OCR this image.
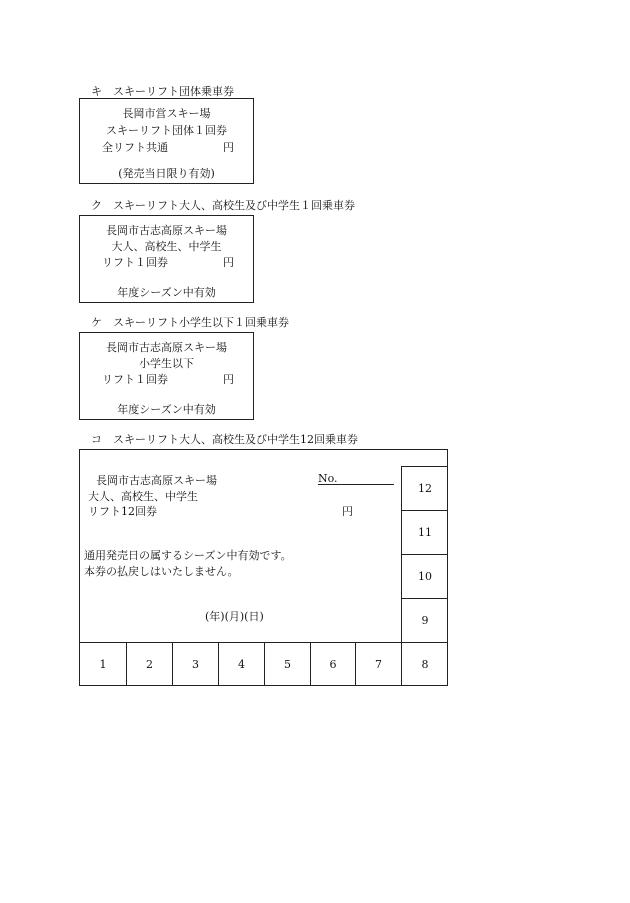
キ　スキーリフト団体乗車券
長岡市営スキー場
スキーリフト団体１回券
全リフト共通	円
(発売当日限り有効)
ク　スキーリフト大人、高校生及び中学生１回乗車券
長岡市古志高原スキー場
大人、高校生、中学生
リフト１回券	円
年度シーズン中有効
ケ　スキーリフト小学生以下１回乗車券
長岡市古志高原スキー場
小学生以下
リフト１回券	円
年度シーズン中有効
コ　スキーリフト大人、高校生及び中学生12回乗車券
長岡市古志高原スキー場
大人、高校生、中学生
リフト12回券
No.
円
通用発売日の属するシーズン中有効です。
本券の払戻しはいたしません。
(年)(月)(日)
12
11
10
9
1	2	3	4	5	6	7	8
